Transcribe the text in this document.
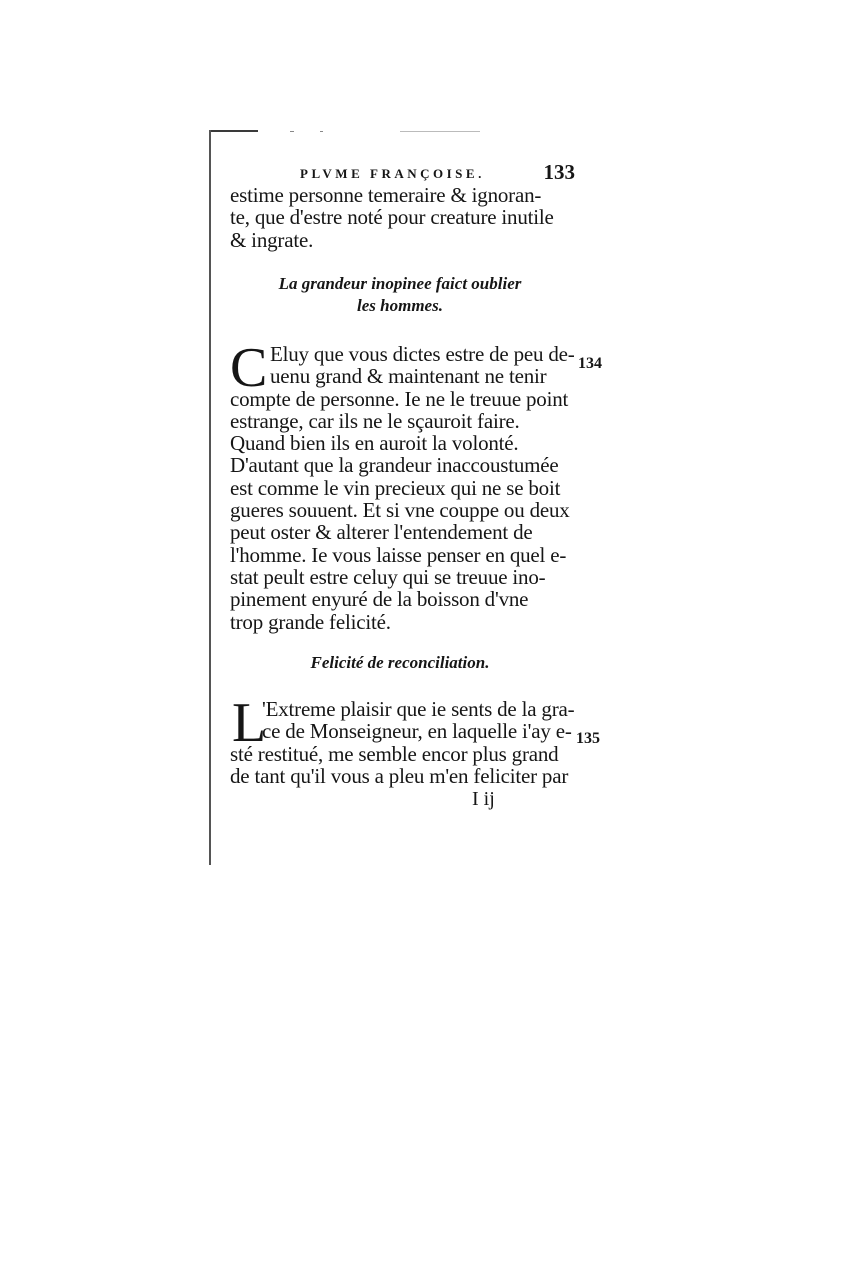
PLVME FRANÇOISE.	133
estime personne temeraire & ignoran-
te, que d'estre noté pour creature inutile
& ingrate.
La grandeur inopinee faict oublier
les hommes.
C	134
Eluy que vous dictes estre de peu de-
uenu grand & maintenant ne tenir
compte de personne. Ie ne le treuue point
estrange, car ils ne le sçauroit faire.
Quand bien ils en auroit la volonté.
D'autant que la grandeur inaccoustumée
est comme le vin precieux qui ne se boit
gueres souuent. Et si vne couppe ou deux
peut oster & alterer l'entendement de
l'homme. Ie vous laisse penser en quel e-
stat peult estre celuy qui se treuue ino-
pinement enyuré de la boisson d'vne
trop grande felicité.
Felicité de reconciliation.
L	135
'Extreme plaisir que ie sents de la gra-
ce de Monseigneur, en laquelle i'ay e-
sté restitué, me semble encor plus grand
de tant qu'il vous a pleu m'en feliciter par
I ij
